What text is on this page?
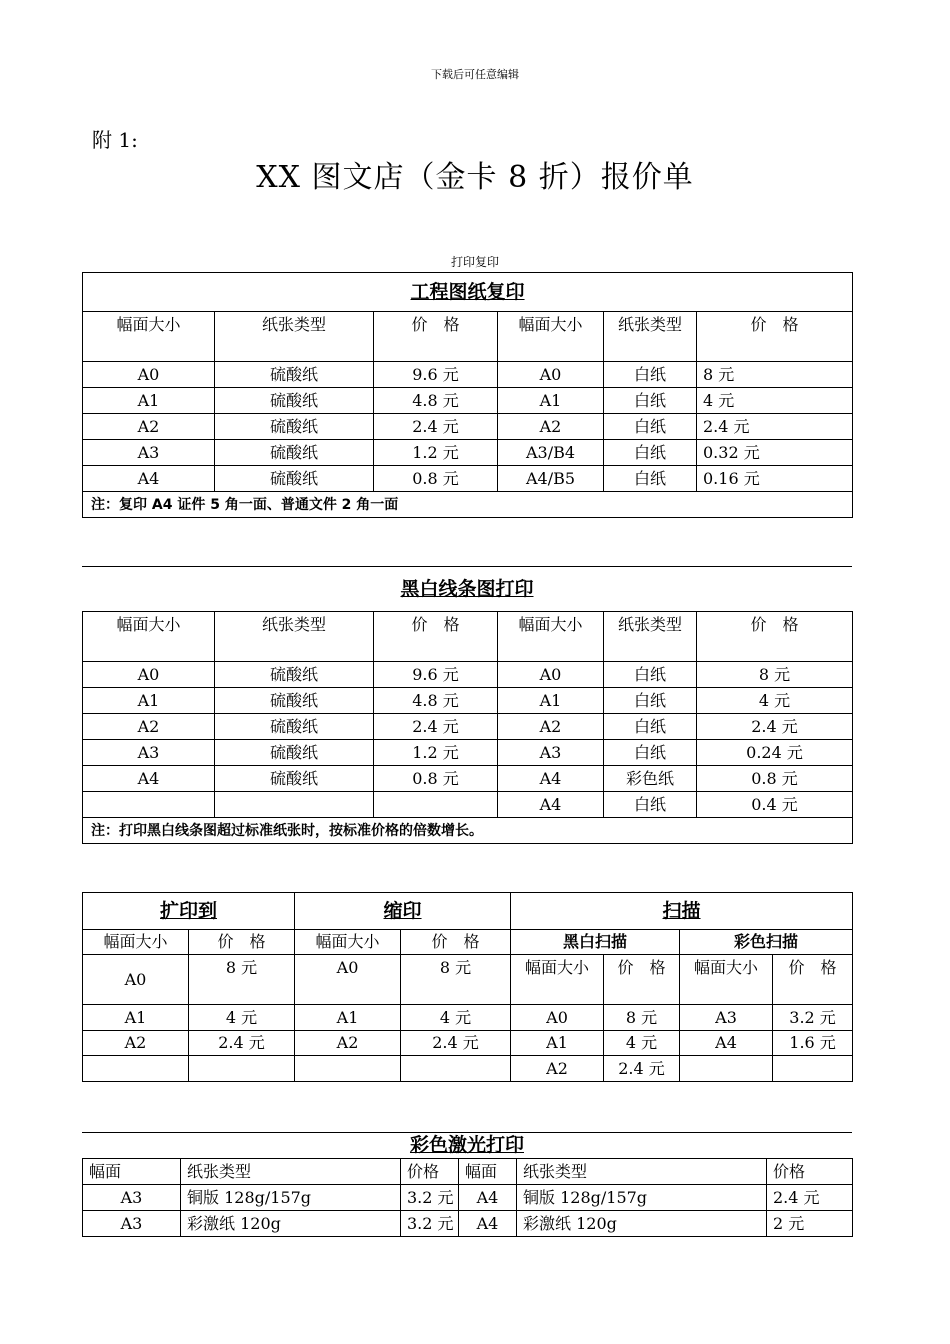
下载后可任意编辑
附 1:
XX 图文店（金卡 8 折）报价单
打印复印
工程图纸复印					
幅面大小	纸张类型	价　格	幅面大小	纸张类型	价　格
A0	硫酸纸	9.6 元	A0	白纸	8 元
A1	硫酸纸	4.8 元	A1	白纸	4 元
A2	硫酸纸	2.4 元	A2	白纸	2.4 元
A3	硫酸纸	1.2 元	A3/B4	白纸	0.32 元
A4	硫酸纸	0.8 元	A4/B5	白纸	0.16 元
注：复印 A4 证件 5 角一面、普通文件 2 角一面					
黑白线条图打印
幅面大小	纸张类型	价　格	幅面大小	纸张类型	价　格
A0	硫酸纸	9.6 元	A0	白纸	8 元
A1	硫酸纸	4.8 元	A1	白纸	4 元
A2	硫酸纸	2.4 元	A2	白纸	2.4 元
A3	硫酸纸	1.2 元	A3	白纸	0.24 元
A4	硫酸纸	0.8 元	A4	彩色纸	0.8 元
			A4	白纸	0.4 元
注：打印黑白线条图超过标准纸张时，按标准价格的倍数增长。					
扩印到		缩印		扫描			
幅面大小	价　格	幅面大小	价　格	黑白扫描		彩色扫描	
A0	8 元	A0	8 元	幅面大小	价　格	幅面大小	价　格
A1	4 元	A1	4 元	A0	8 元	A3	3.2 元
A2	2.4 元	A2	2.4 元	A1	4 元	A4	1.6 元
				A2	2.4 元		
彩色激光打印
幅面	纸张类型	价格	幅面	纸张类型	价格
A3	铜版 128g/157g	3.2 元	A4	铜版 128g/157g	2.4 元
A3	彩激纸 120g	3.2 元	A4	彩激纸 120g	2 元
